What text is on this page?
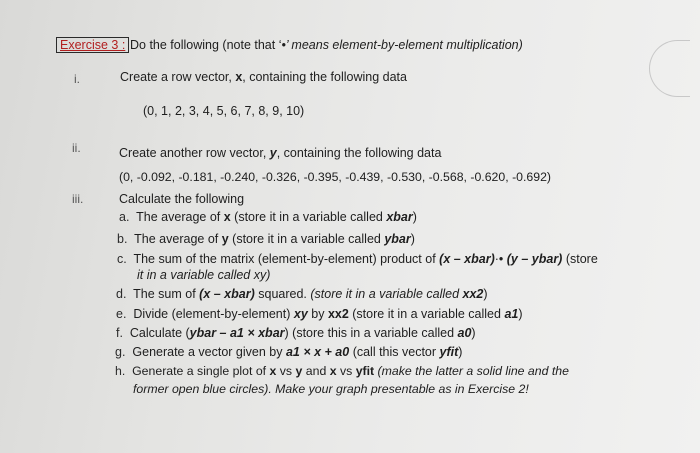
Exercise 3 : Do the following (note that ‘•’ means element-by-element multiplication)
i.	Create a row vector, x, containing the following data
(0, 1, 2, 3, 4, 5, 6, 7, 8, 9, 10)
ii.	Create another row vector, y, containing the following data
(0, -0.092, -0.181, -0.240, -0.326, -0.395, -0.439, -0.530, -0.568, -0.620, -0.692)
iii.	Calculate the following
a. The average of x (store it in a variable called xbar)
b. The average of y (store it in a variable called ybar)
c. The sum of the matrix (element-by-element) product of (x – xbar)·• (y – ybar) (store
it in a variable called xy)
d. The sum of (x – xbar) squared. (store it in a variable called xx2)
e. Divide (element-by-element) xy by xx2 (store it in a variable called a1)
f. Calculate (ybar – a1 × xbar) (store this in a variable called a0)
g. Generate a vector given by a1 × x + a0 (call this vector yfit)
h. Generate a single plot of x vs y and x vs yfit (make the latter a solid line and the
former open blue circles). Make your graph presentable as in Exercise 2!
